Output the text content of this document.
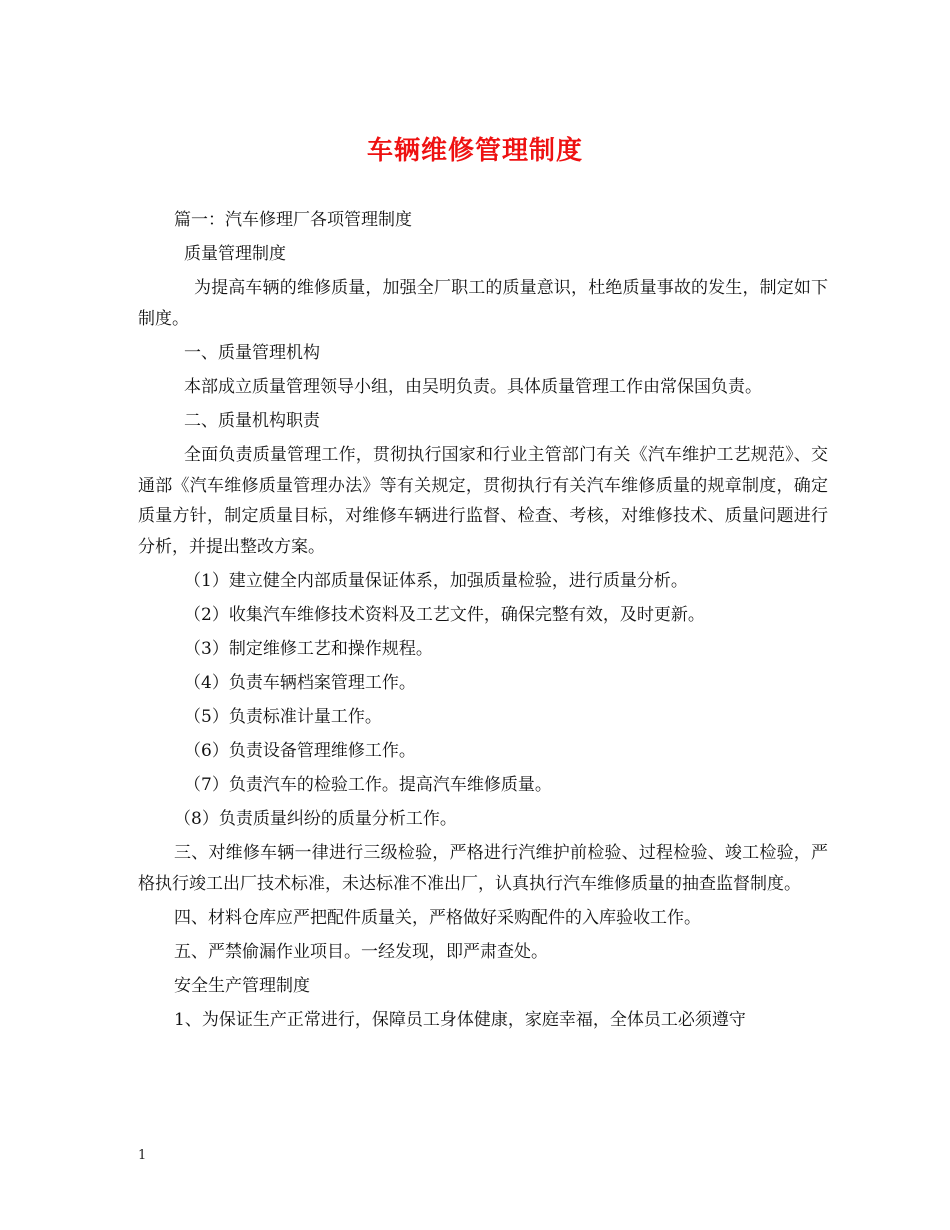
车辆维修管理制度

篇一：汽车修理厂各项管理制度

质量管理制度

为提高车辆的维修质量，加强全厂职工的质量意识，杜绝质量事故的发生，制定如下制度。

一、质量管理机构

本部成立质量管理领导小组，由吴明负责。具体质量管理工作由常保国负责。

二、质量机构职责

全面负责质量管理工作，贯彻执行国家和行业主管部门有关《汽车维护工艺规范》、交通部《汽车维修质量管理办法》等有关规定，贯彻执行有关汽车维修质量的规章制度，确定质量方针，制定质量目标，对维修车辆进行监督、检查、考核，对维修技术、质量问题进行分析，并提出整改方案。

（1）建立健全内部质量保证体系，加强质量检验，进行质量分析。

（2）收集汽车维修技术资料及工艺文件，确保完整有效，及时更新。

（3）制定维修工艺和操作规程。

（4）负责车辆档案管理工作。

（5）负责标准计量工作。

（6）负责设备管理维修工作。

（7）负责汽车的检验工作。提高汽车维修质量。

（8）负责质量纠纷的质量分析工作。

三、对维修车辆一律进行三级检验，严格进行汽维护前检验、过程检验、竣工检验，严格执行竣工出厂技术标准，未达标准不准出厂，认真执行汽车维修质量的抽查监督制度。

四、材料仓库应严把配件质量关，严格做好采购配件的入库验收工作。

五、严禁偷漏作业项目。一经发现，即严肃查处。

安全生产管理制度

1、为保证生产正常进行，保障员工身体健康，家庭幸福，全体员工必须遵守

1
